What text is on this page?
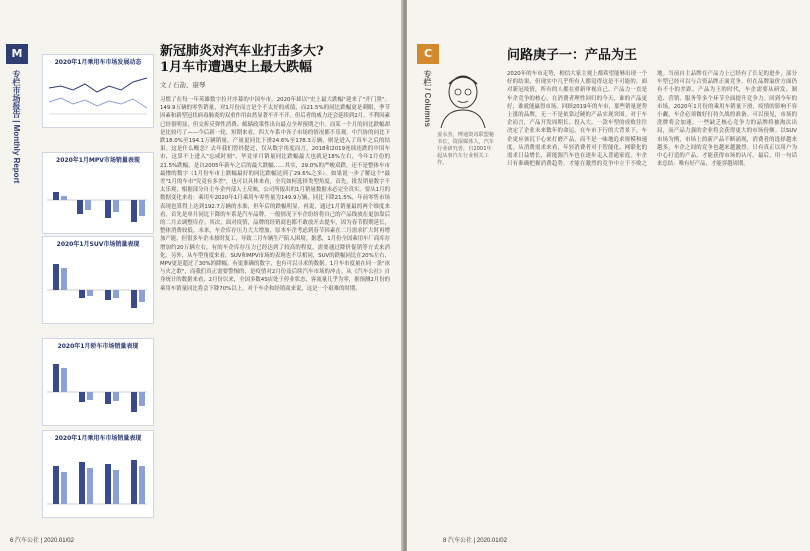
M
专栏市场报告 | Monthly Report
2020年1月乘用车市场发展动态
2020年1月MPV市场销量表现
2020年1月SUV市场销量表现
2020年1月轿车市场销量表现
2020年1月乘用车市场销量表现
新冠肺炎对汽车业打击多大?
1月车市遭遇史上最大跌幅
文 / 石劼、康琴
习惯了在每一年英雄数字拉开序幕的中国车市，2020年却以"史上最大跌幅"迎来了"开门黑"。149.9万辆的零售销量，对1月份而言是个不太好的成绩，而21.5%的同比跌幅更是刺眼，季节因素和新型冠状病毒肺炎的双重作用由然显著不开不开。但后者的威力还会延续到2月。不利因素已经很明显，但交折反弹性消费、邮储政策性出台最点全界预期之中。而某一个月的同比跌幅却是比较巧了——今后新一轮，短期来看，四大车系中各子市场的情况都不乐观。中汽协的同比下跌18.0%至194.1万辆销量，产量更同比下滑24.6%至178.3万辆，则是进入了真车之后的结果。这是什么概念？去年我们曾经提过，仅从数字角度而言，2018和2019连续连跌的中国车市，这算不上进入"忘咸时刻"。毕竟单月销量同比跌幅最大也就是18%左右，今年1月份的21.5%跌幅，是自2005年新车之后的最大跌幅……其实，29.0%的严峻双跌，还不是整体车市最惨的数字（1月份车市上跌幅最好的同比跌幅达到了29.6%之多）。如果说一步了解这个"最差"1月的车市"究竟有多差"，也可以具体来看，全究如何选择类型角度。首先，批发销量数字不太乐观，根据部分自主车企内部人士反映，公司所报出的1月销量数据未必完全真实。要从1月的数据变化来看：乘用车2020年1月乘用车零售量为149.9万辆，同比下降21.5%，年前零售市场表现也算得上达到192.7万辆的水准，但年后的跌幅明显。再说，通过1月销量最的两个维度来看，首先是单月同比下降的车系是汽车品牌，一般情况下车企纷纷将自己的产品线放在更加靠后的二月去调整库存。其次，面对疫情，品牌的经销商也都不敢放开去提车，因为春节假期延长，整体消费较低。未来，车企库存压力大大增加，原本车企考虑到春节因素在二月需求扩大时再增加产能，但很多车企未按时复工，导致二月车辆生产陷入困境。据悉，1月份全国乘用车厂商库存增加约20万辆左右，有的车企库存压力已经达到了较高的程度，需要通过降价促销等方式来消化。另外，从车型角度来看，SUV和MPV市场的表现也不尽相同，SUV的跌幅同比在20%左右，MPV更是超过了30%的降幅。有更准确的数字，也有可以寻求的数据。1月车市度量在同一条"冰与火之歌"，而我们真正需要警惕的，是疫情对2月份及后续汽车市场的冲击。从《汽车公社》自身统计的数据来看，2月份以来，全国多数4S店处于停业状态，客流量几乎为零，据预测2月份的乘用车销量同比将会下降70%以上。对于车企和经销商来说，这是一个艰难的时期。
6 汽车公社 | 2020.01/02
C
专栏 / Columns
问路庚子一：产品为王
姜永杰，博通资讯联盟秘书长，资深媒体人，汽车行业研究者，自2001年起从事汽车行业相关工作。
2020年的车市走势，相信大家主观上都希望能够出现一个好的结果，但现实中几乎所有人都觉得这是不可能的。面对新冠疫情，所有的人都在重新审视自己。产品力一直是车企竞争的核心，在消费者理性回归的今天，谁的产品更好，谁就能赢得市场。回顾2019年的车市，那些销量逆势上涨的品牌，无一不是依靠过硬的产品实现突围。对于车企而言，产品开发周期长、投入大，一款车型的成败往往决定了企业未来数年的命运。在车市下行的大背景下，车企更应该沉下心来打磨产品，而不是一味地追求规模和速度。从消费需求来看，年轻消费者对于智能化、网联化的需求日益增长，新能源汽车也在逐步走入普通家庭。车企只有准确把握消费趋势，才能在激烈的竞争中立于不败之地。当前自主品牌在产品力上已经有了长足的进步，部分车型已经可以与合资品牌正面竞争，但在品牌溢价方面仍有不小的差距。产品为王的时代，车企需要从研发、制造、营销、服务等多个环节全面提升竞争力。回到今年的市场，2020年1月份的乘用车销量下滑，疫情的影响不容小觑，车企必须做好打持久战的准备。可以预见，市场的洗牌将会加速，一些缺乏核心竞争力的品牌将被淘汰出局，而产品力强的企业将会获得更大的市场份额。以SUV市场为例，市场上的新产品不断涌现，消费者的选择越来越多，车企之间的竞争也越来越激烈。只有真正以用户为中心打造的产品，才能获得市场的认可。最后，用一句话来总结：唯有好产品，才能穿越周期。
8 汽车公社 | 2020.01/02
